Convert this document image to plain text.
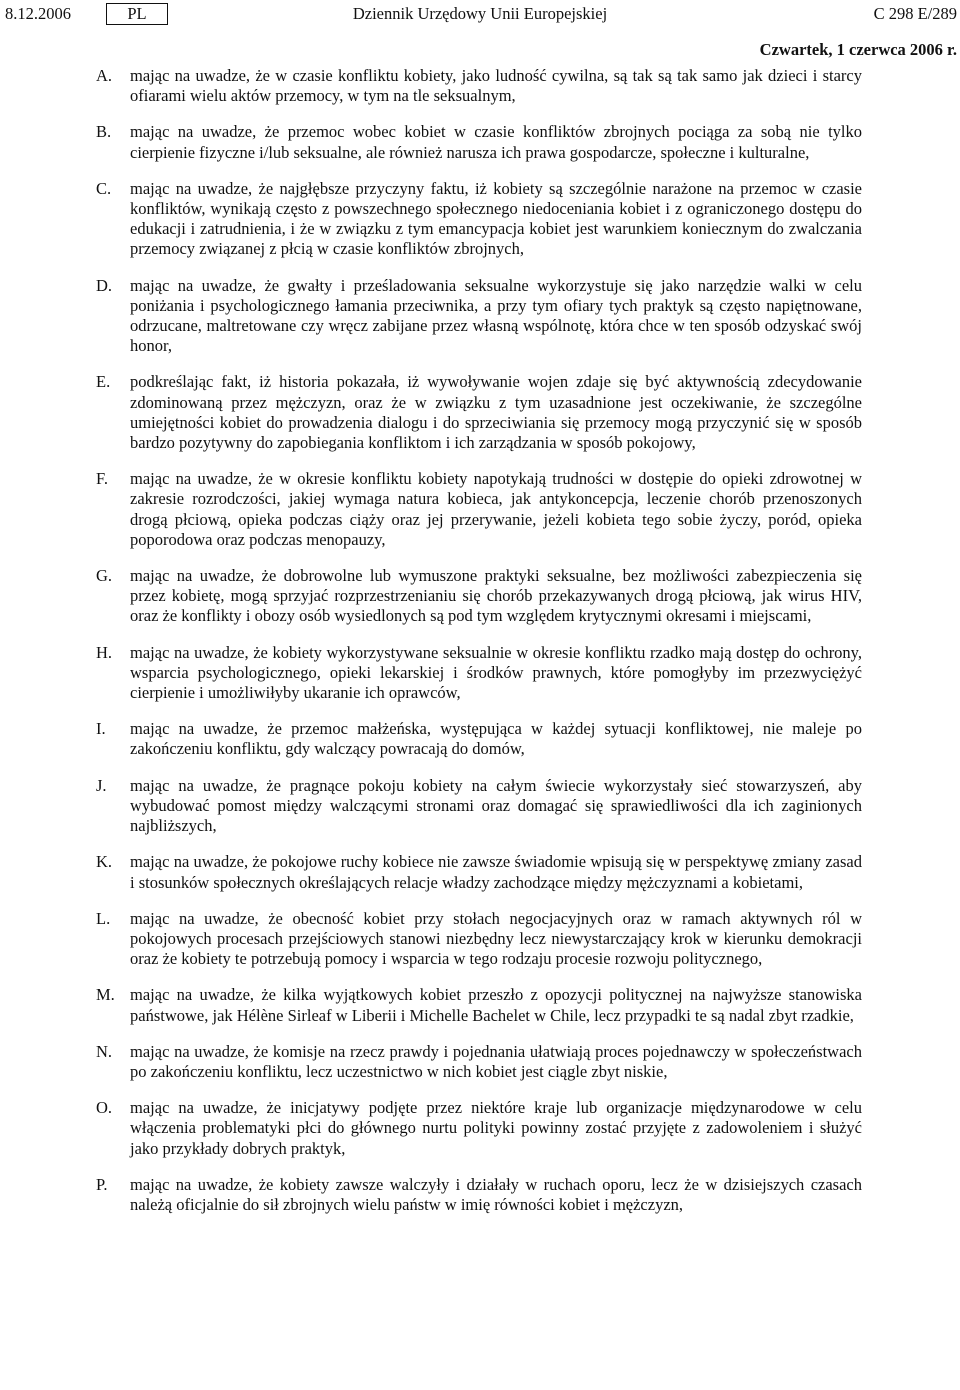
8.12.2006	PL	Dziennik Urzędowy Unii Europejskiej	C 298 E/289
Czwartek, 1 czerwca 2006 r.

A. mając na uwadze, że w czasie konfliktu kobiety, jako ludność cywilna, są tak są tak samo jak dzieci i starcy ofiarami wielu aktów przemocy, w tym na tle seksualnym,

B. mając na uwadze, że przemoc wobec kobiet w czasie konfliktów zbrojnych pociąga za sobą nie tylko cierpienie fizyczne i/lub seksualne, ale również narusza ich prawa gospodarcze, społeczne i kulturalne,

C. mając na uwadze, że najgłębsze przyczyny faktu, iż kobiety są szczególnie narażone na przemoc w czasie konfliktów, wynikają często z powszechnego społecznego niedoceniania kobiet i z ograniczonego dostępu do edukacji i zatrudnienia, i że w związku z tym emancypacja kobiet jest warunkiem koniecznym do zwalczania przemocy związanej z płcią w czasie konfliktów zbrojnych,

D. mając na uwadze, że gwałty i prześladowania seksualne wykorzystuje się jako narzędzie walki w celu poniżania i psychologicznego łamania przeciwnika, a przy tym ofiary tych praktyk są często napiętnowane, odrzucane, maltretowane czy wręcz zabijane przez własną wspólnotę, która chce w ten sposób odzyskać swój honor,

E. podkreślając fakt, iż historia pokazała, iż wywoływanie wojen zdaje się być aktywnością zdecydowanie zdominowaną przez mężczyzn, oraz że w związku z tym uzasadnione jest oczekiwanie, że szczególne umiejętności kobiet do prowadzenia dialogu i do sprzeciwiania się przemocy mogą przyczynić się w sposób bardzo pozytywny do zapobiegania konfliktom i ich zarządzania w sposób pokojowy,

F. mając na uwadze, że w okresie konfliktu kobiety napotykają trudności w dostępie do opieki zdrowotnej w zakresie rozrodczości, jakiej wymaga natura kobieca, jak antykoncepcja, leczenie chorób przenoszonych drogą płciową, opieka podczas ciąży oraz jej przerywanie, jeżeli kobieta tego sobie życzy, poród, opieka poporodowa oraz podczas menopauzy,

G. mając na uwadze, że dobrowolne lub wymuszone praktyki seksualne, bez możliwości zabezpieczenia się przez kobietę, mogą sprzyjać rozprzestrzenianiu się chorób przekazywanych drogą płciową, jak wirus HIV, oraz że konflikty i obozy osób wysiedlonych są pod tym względem krytycznymi okresami i miejscami,

H. mając na uwadze, że kobiety wykorzystywane seksualnie w okresie konfliktu rzadko mają dostęp do ochrony, wsparcia psychologicznego, opieki lekarskiej i środków prawnych, które pomogłyby im przezwyciężyć cierpienie i umożliwiłyby ukaranie ich oprawców,

I. mając na uwadze, że przemoc małżeńska, występująca w każdej sytuacji konfliktowej, nie maleje po zakończeniu konfliktu, gdy walczący powracają do domów,

J. mając na uwadze, że pragnące pokoju kobiety na całym świecie wykorzystały sieć stowarzyszeń, aby wybudować pomost między walczącymi stronami oraz domagać się sprawiedliwości dla ich zaginionych najbliższych,

K. mając na uwadze, że pokojowe ruchy kobiece nie zawsze świadomie wpisują się w perspektywę zmiany zasad i stosunków społecznych określających relacje władzy zachodzące między mężczyznami a kobietami,

L. mając na uwadze, że obecność kobiet przy stołach negocjacyjnych oraz w ramach aktywnych ról w pokojowych procesach przejściowych stanowi niezbędny lecz niewystarczający krok w kierunku demokracji oraz że kobiety te potrzebują pomocy i wsparcia w tego rodzaju procesie rozwoju politycznego,

M. mając na uwadze, że kilka wyjątkowych kobiet przeszło z opozycji politycznej na najwyższe stanowiska państwowe, jak Hélène Sirleaf w Liberii i Michelle Bachelet w Chile, lecz przypadki te są nadal zbyt rzadkie,

N. mając na uwadze, że komisje na rzecz prawdy i pojednania ułatwiają proces pojednawczy w społeczeństwach po zakończeniu konfliktu, lecz uczestnictwo w nich kobiet jest ciągle zbyt niskie,

O. mając na uwadze, że inicjatywy podjęte przez niektóre kraje lub organizacje międzynarodowe w celu włączenia problematyki płci do głównego nurtu polityki powinny zostać przyjęte z zadowoleniem i służyć jako przykłady dobrych praktyk,

P. mając na uwadze, że kobiety zawsze walczyły i działały w ruchach oporu, lecz że w dzisiejszych czasach należą oficjalnie do sił zbrojnych wielu państw w imię równości kobiet i mężczyzn,
